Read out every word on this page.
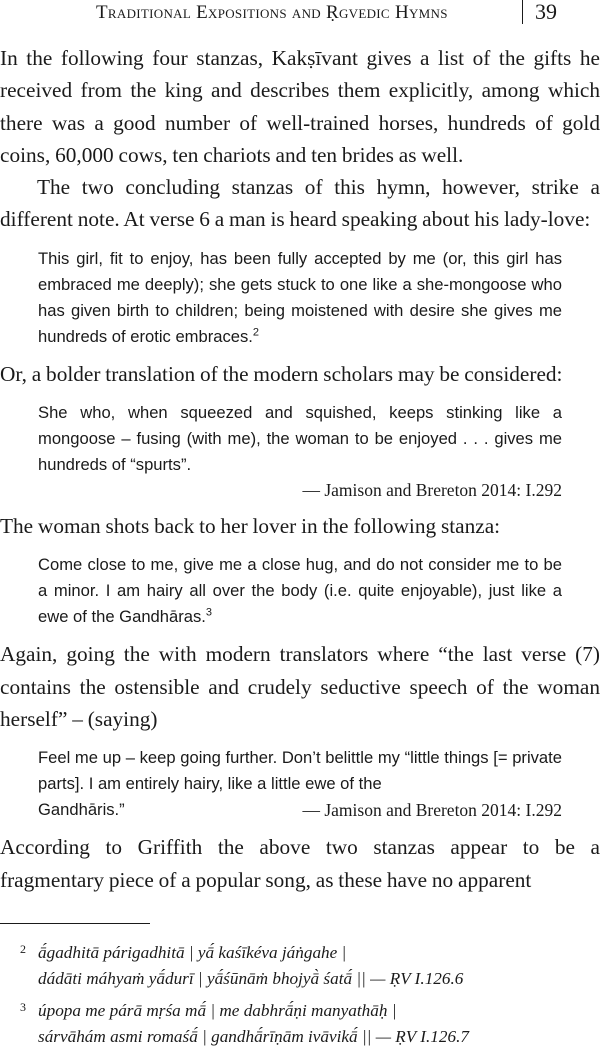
Traditional Expositions and Ṛgvedic Hymns	39

In the following four stanzas, Kakṣīvant gives a list of the gifts he received from the king and describes them explicitly, among which there was a good number of well-trained horses, hundreds of gold coins, 60,000 cows, ten chariots and ten brides as well.

The two concluding stanzas of this hymn, however, strike a different note. At verse 6 a man is heard speaking about his lady-love:

This girl, fit to enjoy, has been fully accepted by me (or, this girl has embraced me deeply); she gets stuck to one like a she-mongoose who has given birth to children; being moistened with desire she gives me hundreds of erotic embraces.$^2$

Or, a bolder translation of the modern scholars may be considered:

She who, when squeezed and squished, keeps stinking like a mongoose – fusing (with me), the woman to be enjoyed . . . gives me hundreds of “spurts”.

— Jamison and Brereton 2014: I.292

The woman shots back to her lover in the following stanza:

Come close to me, give me a close hug, and do not consider me to be a minor. I am hairy all over the body (i.e. quite enjoyable), just like a ewe of the Gandhāras.$^3$

Again, going the with modern translators where “the last verse (7) contains the ostensible and crudely seductive speech of the woman herself” – (saying)

Feel me up – keep going further. Don’t belittle my “little things [= private parts]. I am entirely hairy, like a little ewe of the

Gandhāris.”	— Jamison and Brereton 2014: I.292

According to Griffith the above two stanzas appear to be a fragmentary piece of a popular song, as these have no apparent

2 ā́gadhitā párigadhitā | yā́ kaśīkéva jáṅgahe |
dádāti máhyaṁ yā́durī | yā́śūnāṁ bhojyā̀ śatā́ || — ṚV I.126.6
3 úpopa me párā mṛśa mā́ | me dabhrā́ṇi manyathāḥ |
sárvāhám asmi romaśā́ | gandhā́rīṇām ivāvikā́ || — ṚV I.126.7
